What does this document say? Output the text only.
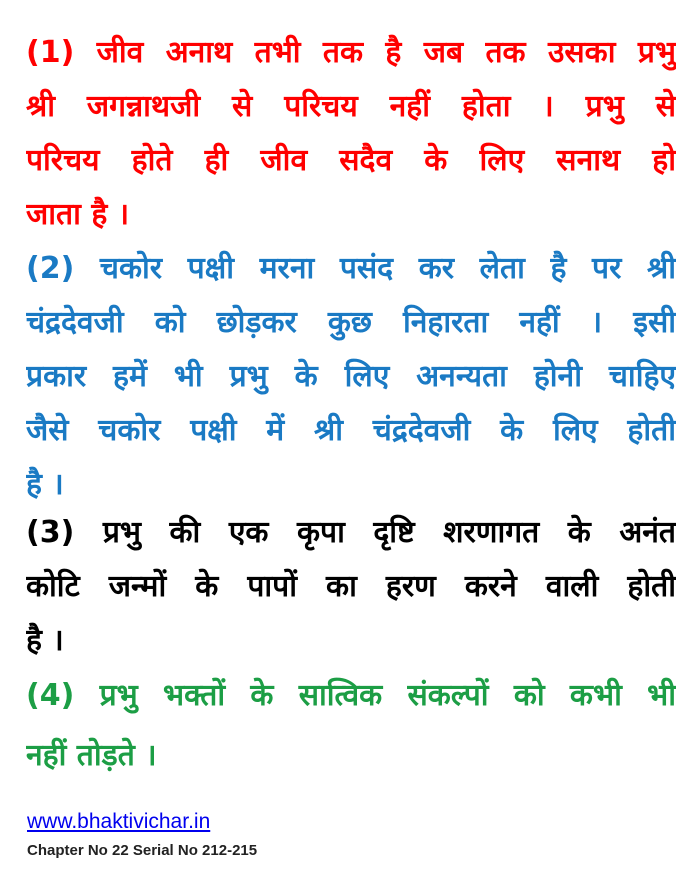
(1) जीव अनाथ तभी तक है जब तक उसका प्रभु
श्री जगन्नाथजी से परिचय नहीं होता । प्रभु से
परिचय होते ही जीव सदैव के लिए सनाथ हो
जाता है ।

(2) चकोर पक्षी मरना पसंद कर लेता है पर श्री
चंद्रदेवजी को छोड़कर कुछ निहारता नहीं । इसी
प्रकार हमें भी प्रभु के लिए अनन्यता होनी चाहिए
जैसे चकोर पक्षी में श्री चंद्रदेवजी के लिए होती
है ।

(3) प्रभु की एक कृपा दृष्टि शरणागत के अनंत
कोटि जन्मों के पापों का हरण करने वाली होती
है ।

(4) प्रभु भक्तों के सात्विक संकल्पों को कभी भी
नहीं तोड़ते ।

www.bhaktivichar.in
Chapter No 22 Serial No 212-215
